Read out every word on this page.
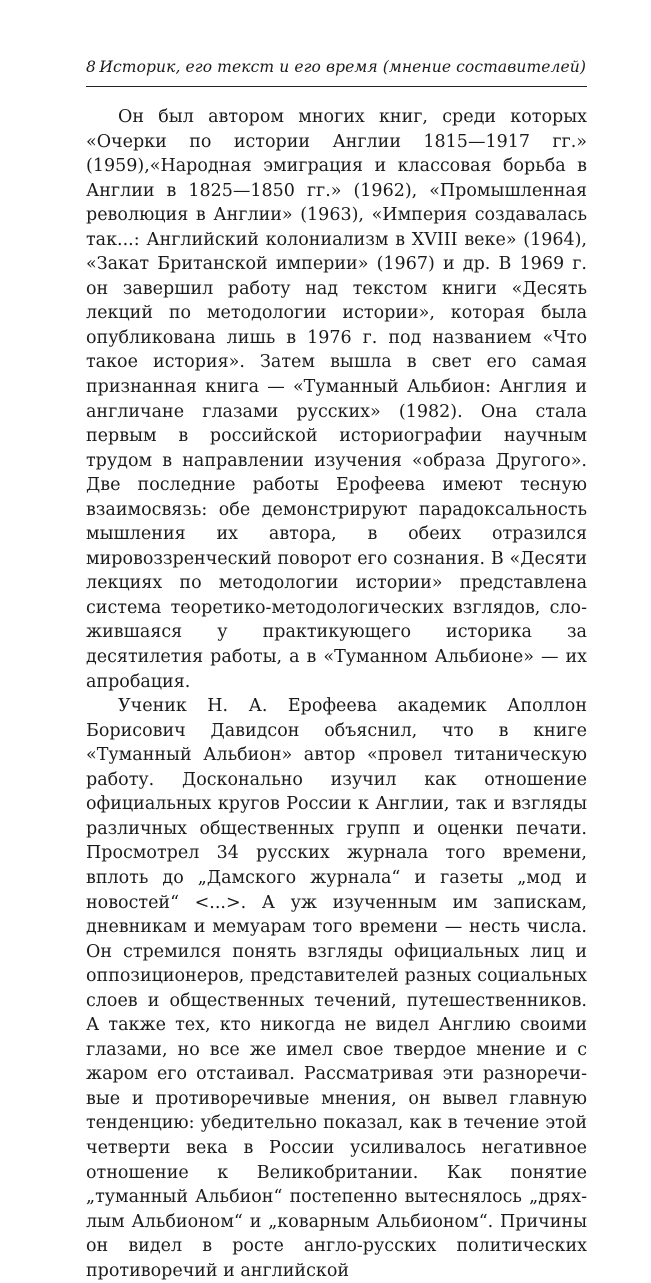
8 Историк, его текст и его время (мнение составителей)

Он был автором многих книг, среди которых «Очерки по истории Англии 1815—1917 гг.» (1959),«Народная эмиграция и классовая борьба в Англии в 1825—1850 гг.» (1962), «Промышленная революция в Англии» (1963), «Империя создавалась так...: Английский колониализм в XVIII веке» (1964), «Закат Британской империи» (1967) и др. В 1969 г. он завершил работу над текстом книги «Десять лекций по методологии истории», которая была опубликована лишь в 1976 г. под названием «Что такое история». Затем вышла в свет его самая признанная книга — «Туманный Альбион: Англия и англичане глазами русских» (1982). Она стала первым в российской историографии научным трудом в направлении изучения «образа Другого». Две последние работы Ерофеева имеют тесную взаимосвязь: обе демонстрируют парадоксальность мышления их автора, в обеих отразился мировоззренческий поворот его сознания. В «Десяти лекциях по методологии истории» представлена система теоретико-методологических взглядов, сложившаяся у практикующего историка за десятилетия работы, а в «Туманном Альбионе» — их апробация.

Ученик Н. А. Ерофеева академик Аполлон Борисович Давидсон объяснил, что в книге «Туманный Альбион» автор «провел титаническую работу. Досконально изучил как отношение официальных кругов России к Англии, так и взгляды различных общественных групп и оценки печати. Просмотрел 34 русских журнала того времени, вплоть до „Дамского журнала“ и газеты „мод и новостей“ <...>. А уж изученным им запискам, дневникам и мемуарам того времени — несть числа. Он стремился понять взгляды официальных лиц и оппозиционеров, представителей разных социальных слоев и общественных течений, путешественников. А также тех, кто никогда не видел Англию своими глазами, но все же имел свое твердое мнение и с жаром его отстаивал. Рассматривая эти разноречивые и противоречивые мнения, он вывел главную тенденцию: убедительно показал, как в течение этой четверти века в России усиливалось негативное отношение к Великобритании. Как понятие „туманный Альбион“ постепенно вытеснялось „дряхлым Альбионом“ и „коварным Альбионом“. Причины он видел в росте англо-русских политических противоречий и английской
